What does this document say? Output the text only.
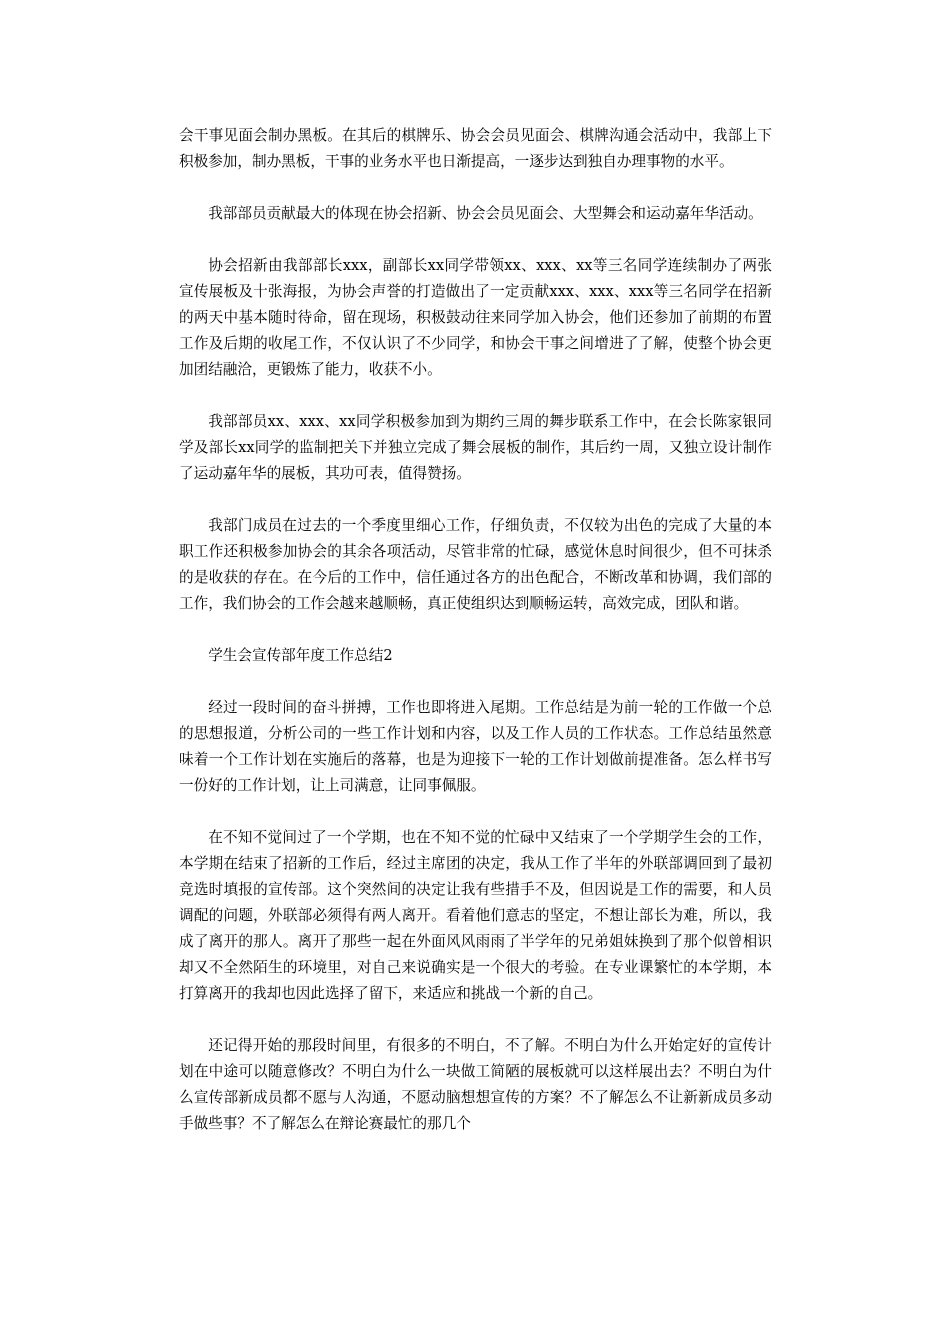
会干事见面会制办黑板。在其后的棋牌乐、协会会员见面会、棋牌沟通会活动中，我部上下积极参加，制办黑板，干事的业务水平也日渐提高，一逐步达到独自办理事物的水平。

我部部员贡献最大的体现在协会招新、协会会员见面会、大型舞会和运动嘉年华活动。

协会招新由我部部长xxx，副部长xx同学带领xx、xxx、xx等三名同学连续制办了两张宣传展板及十张海报，为协会声誉的打造做出了一定贡献xxx、xxx、xxx等三名同学在招新的两天中基本随时待命，留在现场，积极鼓动往来同学加入协会，他们还参加了前期的布置工作及后期的收尾工作，不仅认识了不少同学，和协会干事之间增进了了解，使整个协会更加团结融洽，更锻炼了能力，收获不小。

我部部员xx、xxx、xx同学积极参加到为期约三周的舞步联系工作中，在会长陈家银同学及部长xx同学的监制把关下并独立完成了舞会展板的制作，其后约一周，又独立设计制作了运动嘉年华的展板，其功可表，值得赞扬。

我部门成员在过去的一个季度里细心工作，仔细负责，不仅较为出色的完成了大量的本职工作还积极参加协会的其余各项活动，尽管非常的忙碌，感觉休息时间很少，但不可抹杀的是收获的存在。在今后的工作中，信任通过各方的出色配合，不断改革和协调，我们部的工作，我们协会的工作会越来越顺畅，真正使组织达到顺畅运转，高效完成，团队和谐。

学生会宣传部年度工作总结2

经过一段时间的奋斗拼搏，工作也即将进入尾期。工作总结是为前一轮的工作做一个总的思想报道，分析公司的一些工作计划和内容，以及工作人员的工作状态。工作总结虽然意味着一个工作计划在实施后的落幕，也是为迎接下一轮的工作计划做前提准备。怎么样书写一份好的工作计划，让上司满意，让同事佩服。

在不知不觉间过了一个学期，也在不知不觉的忙碌中又结束了一个学期学生会的工作，本学期在结束了招新的工作后，经过主席团的决定，我从工作了半年的外联部调回到了最初竞选时填报的宣传部。这个突然间的决定让我有些措手不及，但因说是工作的需要，和人员调配的问题，外联部必须得有两人离开。看着他们意志的坚定，不想让部长为难，所以，我成了离开的那人。离开了那些一起在外面风风雨雨了半学年的兄弟姐妹换到了那个似曾相识却又不全然陌生的环境里，对自己来说确实是一个很大的考验。在专业课繁忙的本学期，本打算离开的我却也因此选择了留下，来适应和挑战一个新的自己。

还记得开始的那段时间里，有很多的不明白，不了解。不明白为什么开始定好的宣传计划在中途可以随意修改？不明白为什么一块做工简陋的展板就可以这样展出去？不明白为什么宣传部新成员都不愿与人沟通，不愿动脑想想宣传的方案？不了解怎么不让新新成员多动手做些事？不了解怎么在辩论赛最忙的那几个
